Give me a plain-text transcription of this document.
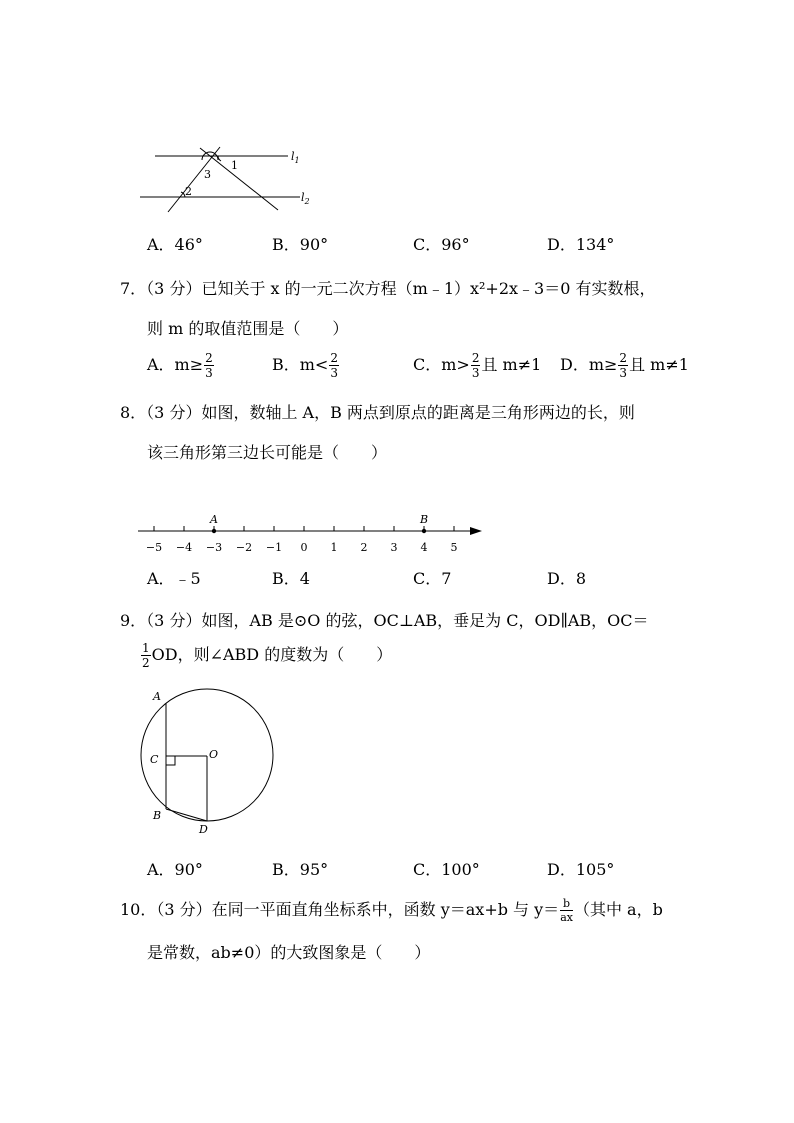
1
3
2
$l_1$
$l_2$
A．46°	B．90°	C．96°	D．134°
7．（3 分）已知关于 x 的一元二次方程（m﹣1）x²+2x﹣3＝0 有实数根，
则 m 的取值范围是（　　）
A．$m\ge \frac{2}{3}$	B．$m< \frac{2}{3}$	C．$m> \frac{2}{3}$ 且 m≠1 D．$m\ge \frac{2}{3}$ 且 m≠1
8．（3 分）如图，数轴上 A，B 两点到原点的距离是三角形两边的长，则
该三角形第三边长可能是（　　）
−5 −4 −3 −2 −1 0 1 2 3 4 5
A	B
A．﹣5	B．4	C．7	D．8
9．（3 分）如图，AB 是⊙O 的弦，OC⊥AB，垂足为 C，OD∥AB，OC＝
$\frac{1}{2}$ OD，则∠ABD 的度数为（　　）
A
C	O
B
D
A．90°	B．95°	C．100°	D．105°
10．（3 分）在同一平面直角坐标系中，函数 y＝ax+b 与 $y= \frac{b}{ax}$ （其中 a，b
是常数，ab≠0）的大致图象是（　　）
